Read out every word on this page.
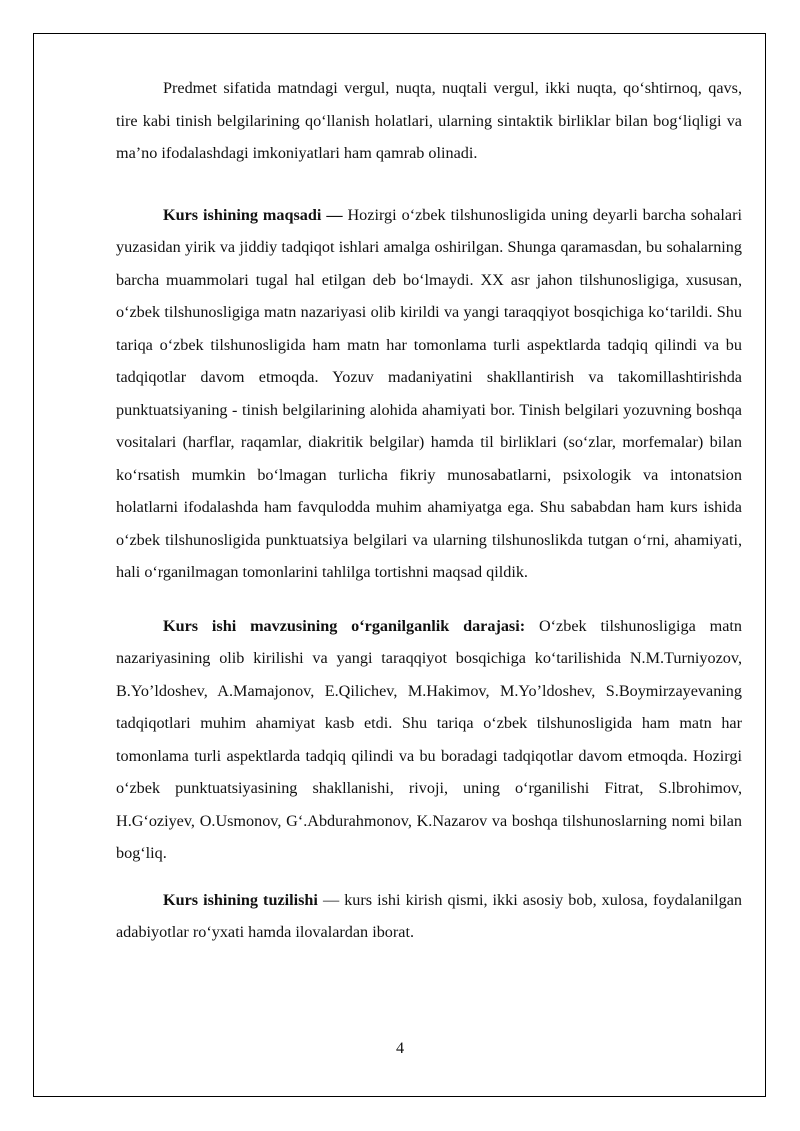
Predmet sifatida matndagi vergul, nuqta, nuqtali vergul, ikki nuqta, qo‘shtirnoq, qavs, tire kabi tinish belgilarining qo‘llanish holatlari, ularning sintaktik birliklar bilan bog‘liqligi va ma’no ifodalashdagi imkoniyatlari ham qamrab olinadi.

Kurs ishining maqsadi — Hozirgi o‘zbek tilshunosligida uning deyarli barcha sohalari yuzasidan yirik va jiddiy tadqiqot ishlari amalga oshirilgan. Shunga qaramasdan, bu sohalarning barcha muammolari tugal hal etilgan deb bo‘lmaydi. XX asr jahon tilshunosligiga, xususan, o‘zbek tilshunosligiga matn nazariyasi olib kirildi va yangi taraqqiyot bosqichiga ko‘tarildi. Shu tariqa o‘zbek tilshunosligida ham matn har tomonlama turli aspektlarda tadqiq qilindi va bu tadqiqotlar davom etmoqda. Yozuv madaniyatini shakllantirish va takomillashtirishda punktuatsiyaning - tinish belgilarining alohida ahamiyati bor. Tinish belgilari yozuvning boshqa vositalari (harflar, raqamlar, diakritik belgilar) hamda til birliklari (so‘zlar, morfemalar) bilan ko‘rsatish mumkin bo‘lmagan turlicha fikriy munosabatlarni, psixologik va intonatsion holatlarni ifodalashda ham favqulodda muhim ahamiyatga ega. Shu sababdan ham kurs ishida o‘zbek tilshunosligida punktuatsiya belgilari va ularning tilshunoslikda tutgan o‘rni, ahamiyati, hali o‘rganilmagan tomonlarini tahlilga tortishni maqsad qildik.

Kurs ishi mavzusining o‘rganilganlik darajasi: O‘zbek tilshunosligiga matn nazariyasining olib kirilishi va yangi taraqqiyot bosqichiga ko‘tarilishida N.M.Turniyozov, B.Yo’ldoshev, A.Mamajonov, E.Qilichev, M.Hakimov, M.Yo’ldoshev, S.Boymirzayevaning tadqiqotlari muhim ahamiyat kasb etdi. Shu tariqa o‘zbek tilshunosligida ham matn har tomonlama turli aspektlarda tadqiq qilindi va bu boradagi tadqiqotlar davom etmoqda. Hozirgi o‘zbek punktuatsiyasining shakllanishi, rivoji, uning o‘rganilishi Fitrat, S.lbrohimov, H.G‘oziyev, O.Usmonov, G‘.Abdurahmonov, K.Nazarov va boshqa tilshunoslarning nomi bilan bog‘liq.

Kurs ishining tuzilishi — kurs ishi kirish qismi, ikki asosiy bob, xulosa, foydalanilgan adabiyotlar ro‘yxati hamda ilovalardan iborat.

4
